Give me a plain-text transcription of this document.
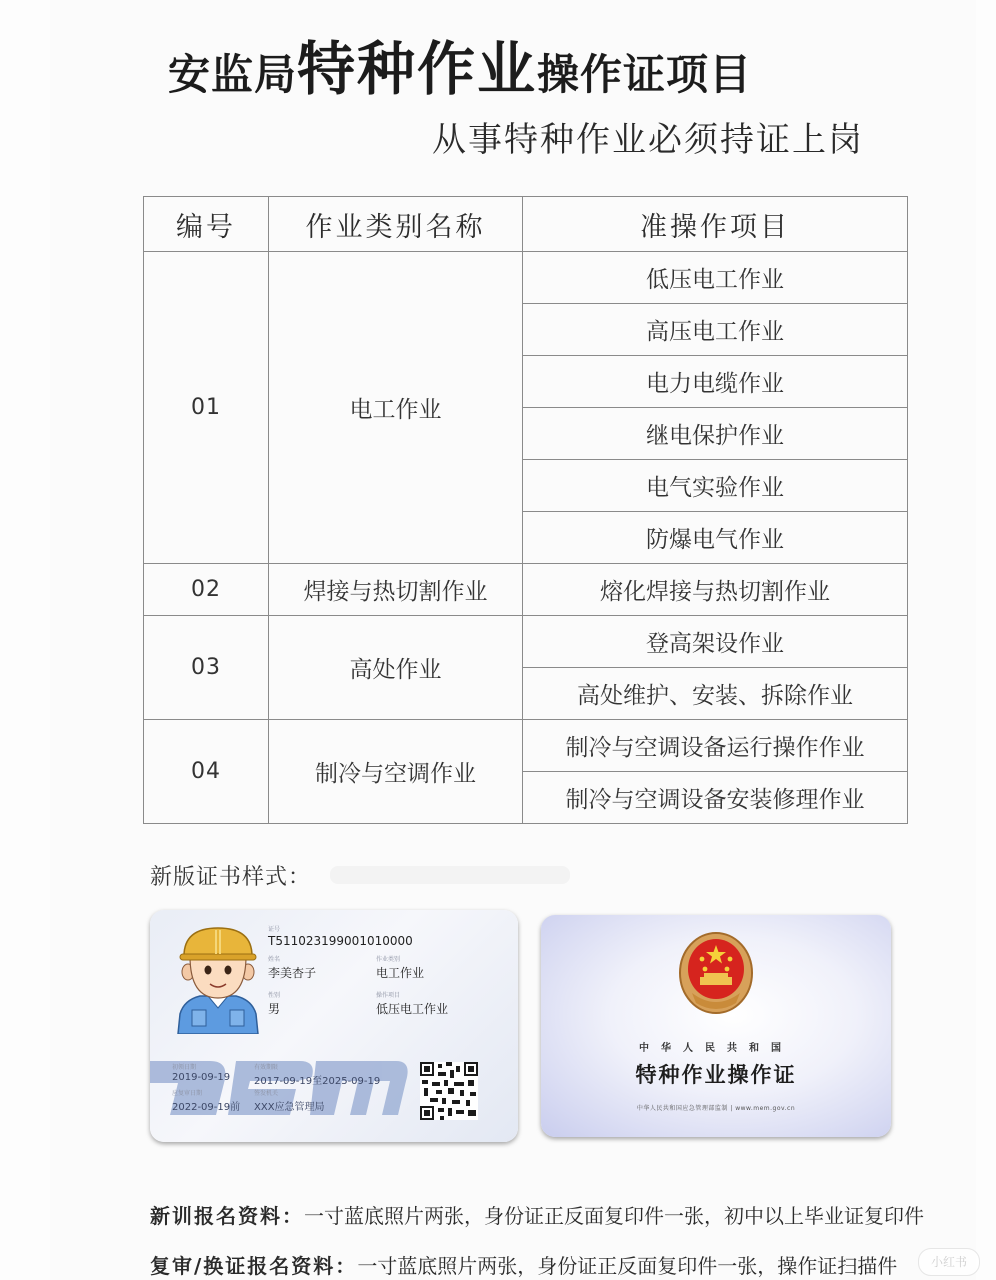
安监局特种作业操作证项目
从事特种作业必须持证上岗
编号	作业类别名称	准操作项目
01	电工作业	低压电工作业
		高压电工作业
		电力电缆作业
		继电保护作业
		电气实验作业
		防爆电气作业
02	焊接与热切割作业	熔化焊接与热切割作业
03	高处作业	登高架设作业
		高处维护、安装、拆除作业
04	制冷与空调作业	制冷与空调设备运行操作作业
		制冷与空调设备安装修理作业
新版证书样式：
证号
T511023199001010000
姓名
李美杏子
作业类别
电工作业
性别
男
操作项目
低压电工作业
初领日期
2019-09-19
有效期限
2017-09-19至2025-09-19
应复审日期
2022-09-19前
签发机关
XXX应急管理局
中华人民共和国
特种作业操作证
中华人民共和国应急管理部监制 | www.mem.gov.cn
新训报名资料：一寸蓝底照片两张，身份证正反面复印件一张，初中以上毕业证复印件
复审/换证报名资料：一寸蓝底照片两张，身份证正反面复印件一张，操作证扫描件	小红书
